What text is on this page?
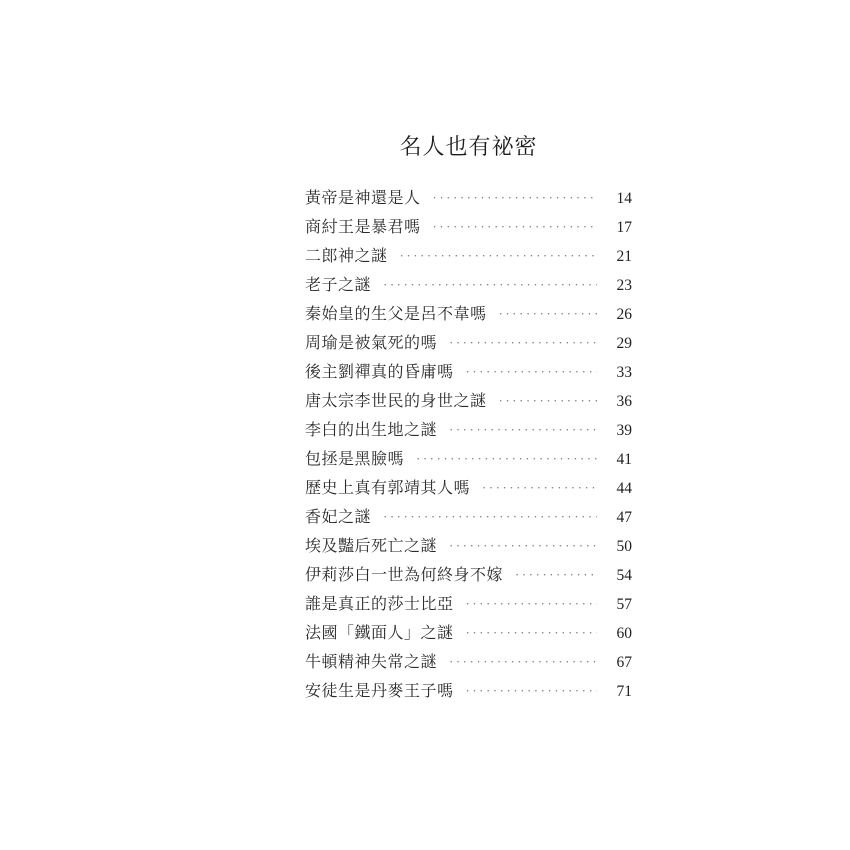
名人也有祕密
黃帝是神還是人 ·····	14
商紂王是暴君嗎 ·····	17
二郎神之謎 ·····	21
老子之謎 ·····	23
秦始皇的生父是呂不韋嗎 ·····	26
周瑜是被氣死的嗎 ·····	29
後主劉禪真的昏庸嗎 ·····	33
唐太宗李世民的身世之謎 ·····	36
李白的出生地之謎 ·····	39
包拯是黑臉嗎 ·····	41
歷史上真有郭靖其人嗎 ·····	44
香妃之謎 ·····	47
埃及豔后死亡之謎 ·····	50
伊莉莎白一世為何終身不嫁 ·····	54
誰是真正的莎士比亞 ·····	57
法國「鐵面人」之謎 ·····	60
牛頓精神失常之謎 ·····	67
安徒生是丹麥王子嗎 ·····	71
